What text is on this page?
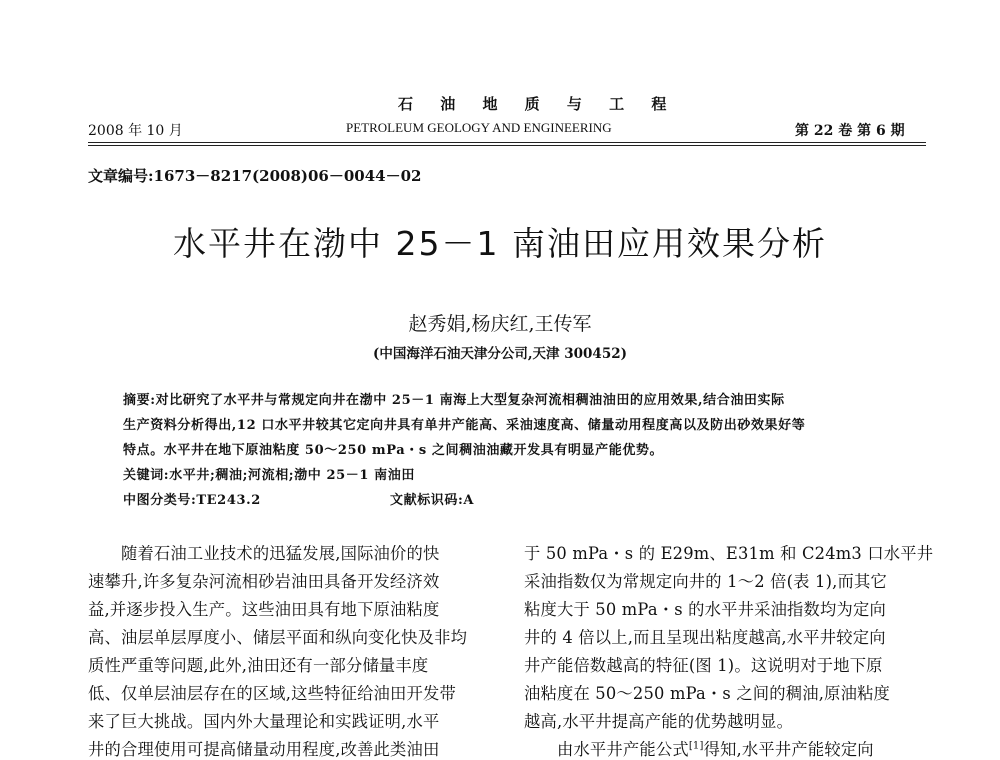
石 油 地 质 与 工 程
2008 年 10 月	PETROLEUM GEOLOGY AND ENGINEERING	第 22 卷 第 6 期
文章编号:1673－8217(2008)06－0044－02
水平井在渤中 25－1 南油田应用效果分析
赵秀娟,杨庆红,王传军
(中国海洋石油天津分公司,天津 300452)
摘要:对比研究了水平井与常规定向井在渤中 25－1 南海上大型复杂河流相稠油油田的应用效果,结合油田实际
生产资料分析得出,12 口水平井较其它定向井具有单井产能高、采油速度高、储量动用程度高以及防出砂效果好等
特点。水平井在地下原油粘度 50～250 mPa・s 之间稠油油藏开发具有明显产能优势。
关键词:水平井;稠油;河流相;渤中 25－1 南油田
中图分类号:TE243.2	文献标识码:A
　　随着石油工业技术的迅猛发展,国际油价的快
速攀升,许多复杂河流相砂岩油田具备开发经济效
益,并逐步投入生产。这些油田具有地下原油粘度
高、油层单层厚度小、储层平面和纵向变化快及非均
质性严重等问题,此外,油田还有一部分储量丰度
低、仅单层油层存在的区域,这些特征给油田开发带
来了巨大挑战。国内外大量理论和实践证明,水平
井的合理使用可提高储量动用程度,改善此类油田
于 50 mPa・s 的 E29m、E31m 和 C24m3 口水平井
采油指数仅为常规定向井的 1～2 倍(表 1),而其它
粘度大于 50 mPa・s 的水平井采油指数均为定向
井的 4 倍以上,而且呈现出粘度越高,水平井较定向
井产能倍数越高的特征(图 1)。这说明对于地下原
油粘度在 50～250 mPa・s 之间的稠油,原油粘度
越高,水平井提高产能的优势越明显。
　　由水平井产能公式[1]得知,水平井产能较定向
